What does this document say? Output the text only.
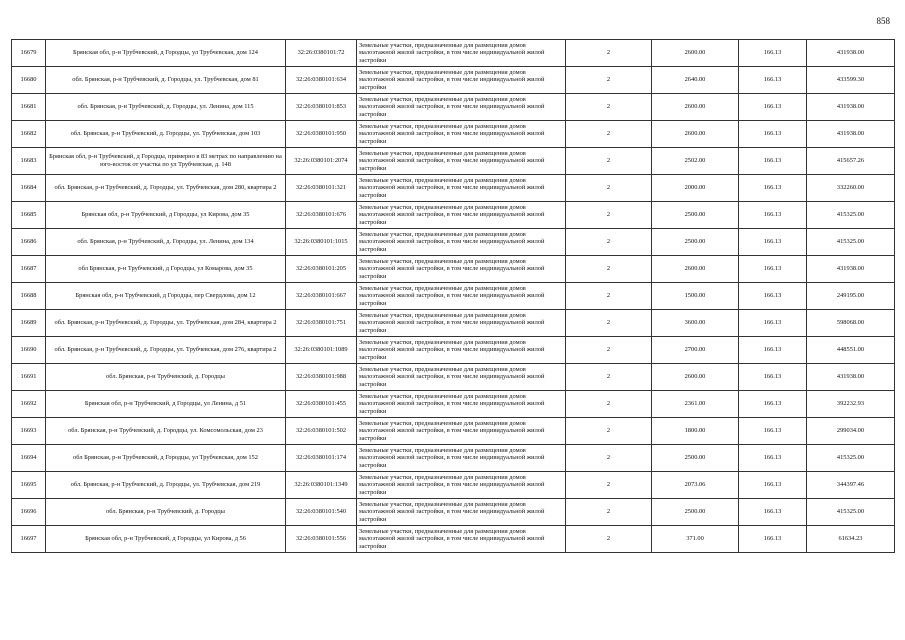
858
16679	Брянская обл, р-н Трубчевский, д Городцы, ул Трубчевская, дом 124	32:26:0380101:72	Земельные участки, предназначенные для размещения домов малоэтажной жилой застройки, в том числе индивидуальной жилой застройки	2	2600.00	166.13	431938.00
16680	обл. Брянская, р-н Трубчевский, д. Городцы, ул. Трубчевская, дом 81	32:26:0380101:634	Земельные участки, предназначенные для размещения домов малоэтажной жилой застройки, в том числе индивидуальной жилой застройки	2	2640.00	166.13	433599.30
16681	обл. Брянская, р-н Трубчевский, д. Городцы, ул. Ленина, дом 115	32:26:0380101:853	Земельные участки, предназначенные для размещения домов малоэтажной жилой застройки, в том числе индивидуальной жилой застройки	2	2600.00	166.13	431938.00
16682	обл. Брянская, р-н Трубчевский, д. Городцы, ул. Трубчевская, дом 103	32:26:0380101:950	Земельные участки, предназначенные для размещения домов малоэтажной жилой застройки, в том числе индивидуальной жилой застройки	2	2600.00	166.13	431938.00
16683	Брянская обл, р-н Трубчевский, д Городцы, примерно в 83 метрах по направлению на юго-восток от участка по ул Трубчевская, д. 148	32:26:0380101:2074	Земельные участки, предназначенные для размещения домов малоэтажной жилой застройки, в том числе индивидуальной жилой застройки	2	2502.00	166.13	415657.26
16684	обл. Брянская, р-н Трубчевский, д. Городцы, ул. Трубчевская, дом 280, квартира 2	32:26:0380101:321	Земельные участки, предназначенные для размещения домов малоэтажной жилой застройки, в том числе индивидуальной жилой застройки	2	2000.00	166.13	332260.00
16685	Брянская обл, р-н Трубчевский, д Городцы, ул Кирова, дом 35	32:26:0380101:676	Земельные участки, предназначенные для размещения домов малоэтажной жилой застройки, в том числе индивидуальной жилой застройки	2	2500.00	166.13	415325.00
16686	обл. Брянская, р-н Трубчевский, д. Городцы, ул. Ленина, дом 134	32:26:0380101:1015	Земельные участки, предназначенные для размещения домов малоэтажной жилой застройки, в том числе индивидуальной жилой застройки	2	2500.00	166.13	415325.00
16687	обл Брянская, р-н Трубчевский, д Городцы, ул Комарова, дом 35	32:26:0380101:205	Земельные участки, предназначенные для размещения домов малоэтажной жилой застройки, в том числе индивидуальной жилой застройки	2	2600.00	166.13	431938.00
16688	Брянская обл, р-н Трубчевский, д Городцы, пер Свердлова, дом 12	32:26:0380101:667	Земельные участки, предназначенные для размещения домов малоэтажной жилой застройки, в том числе индивидуальной жилой застройки	2	1500.00	166.13	249195.00
16689	обл. Брянская, р-н Трубчевский, д. Городцы, ул. Трубчевская, дом 284, квартира 2	32:26:0380101:751	Земельные участки, предназначенные для размещения домов малоэтажной жилой застройки, в том числе индивидуальной жилой застройки	2	3600.00	166.13	598068.00
16690	обл. Брянская, р-н Трубчевский, д. Городцы, ул. Трубчевская, дом 276, квартира 2	32:26:0380101:1089	Земельные участки, предназначенные для размещения домов малоэтажной жилой застройки, в том числе индивидуальной жилой застройки	2	2700.00	166.13	448551.00
16691	обл. Брянская, р-н Трубчевский, д. Городцы	32:26:0380101:988	Земельные участки, предназначенные для размещения домов малоэтажной жилой застройки, в том числе индивидуальной жилой застройки	2	2600.00	166.13	431938.00
16692	Брянская обл, р-н Трубчевский, д Городцы, ул Ленина, д 51	32:26:0380101:455	Земельные участки, предназначенные для размещения домов малоэтажной жилой застройки, в том числе индивидуальной жилой застройки	2	2361.00	166.13	392232.93
16693	обл. Брянская, р-н Трубчевский, д. Городцы, ул. Комсомольская, дом 23	32:26:0380101:502	Земельные участки, предназначенные для размещения домов малоэтажной жилой застройки, в том числе индивидуальной жилой застройки	2	1800.00	166.13	299034.00
16694	обл Брянская, р-н Трубчевский, д Городцы, ул Трубчевская, дом 152	32:26:0380101:174	Земельные участки, предназначенные для размещения домов малоэтажной жилой застройки, в том числе индивидуальной жилой застройки	2	2500.00	166.13	415325.00
16695	обл. Брянская, р-н Трубчевский, д. Городцы, ул. Трубчевская, дом 219	32:26:0380101:1349	Земельные участки, предназначенные для размещения домов малоэтажной жилой застройки, в том числе индивидуальной жилой застройки	2	2073.06	166.13	344397.46
16696	обл. Брянская, р-н Трубчевский, д. Городцы	32:26:0380101:540	Земельные участки, предназначенные для размещения домов малоэтажной жилой застройки, в том числе индивидуальной жилой застройки	2	2500.00	166.13	415325.00
16697	Брянская обл, р-н Трубчевский, д Городцы, ул Кирова, д 56	32:26:0380101:556	Земельные участки, предназначенные для размещения домов малоэтажной жилой застройки, в том числе индивидуальной жилой застройки	2	371.00	166.13	61634.23
